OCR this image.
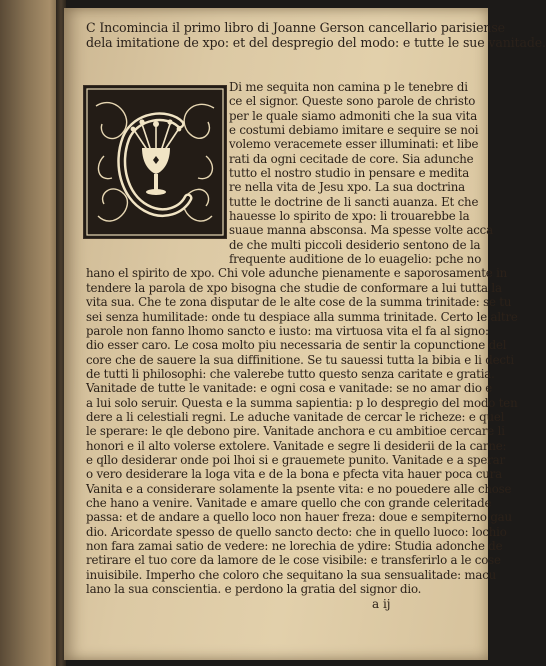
C Incomincia il primo libro di Joanne Gerson cancellario parisiense
dela imitatione de xpo: et del despregio del modo: e tutte le sue vanitade.
Di me sequita non camina p le tenebre di
ce el signor. Queste sono parole de christo
per le quale siamo admoniti che la sua vita
e costumi debiamo imitare e sequire se noi
volemo veracemete esser illuminati: et libe
rati da ogni cecitade de core. Sia adunche
tutto el nostro studio in pensare e medita
re nella vita de Jesu xpo. La sua doctrina
tutte le doctrine de li sancti auanza. Et che
hauesse lo spirito de xpo: li trouarebbe la
suaue manna absconsa. Ma spesse volte acca
de che multi piccoli desiderio sentono de la
frequente auditione de lo euagelio: pche no
hano el spirito de xpo. Chi vole adunche pienamente e saporosamente in
tendere la parola de xpo bisogna che studie de conformare a lui tutta la
vita sua. Che te zona disputar de le alte cose de la summa trinitade: se tu
sei senza humilitade: onde tu despiace alla summa trinitade. Certo le altre
parole non fanno lhomo sancto e iusto: ma virtuosa vita el fa al signo:
dio esser caro. Le cosa molto piu necessaria de sentir la copunctione del
core che de sauere la sua diffinitione. Se tu sauessi tutta la bibia e li decti
de tutti li philosophi: che valerebe tutto questo senza caritate e gratia.
Vanitade de tutte le vanitade: e ogni cosa e vanitade: se no amar dio e
a lui solo seruir. Questa e la summa sapientia: p lo despregio del modo ten
dere a li celestiali regni. Le aduche vanitade de cercar le richeze: e quel
le sperare: le qle debono pire. Vanitade anchora e cu ambitioe cercare li
honori e il alto volerse extolere. Vanitade e segre li desiderii de la carne:
e qllo desiderar onde poi lhoi si e grauemete punito. Vanitade e a sperar
o vero desiderare la loga vita e de la bona e pfecta vita hauer poca cura
Vanita e a considerare solamente la psente vita: e no pouedere alle chose
che hano a venire. Vanitade e amare quello che con grande celeritade
passa: et de andare a quello loco non hauer freza: doue e sempiterno gau
dio. Aricordate spesso de quello sancto decto: che in quello luoco: lochio
non fara zamai satio de vedere: ne lorechia de ydire: Studia adonche de
retirare el tuo core da lamore de le cose visibile: e transferirlo a le cose
inuisibile. Imperho che coloro che sequitano la sua sensualitade: macu
lano la sua conscientia. e perdono la gratia del signor dio.
a ij
